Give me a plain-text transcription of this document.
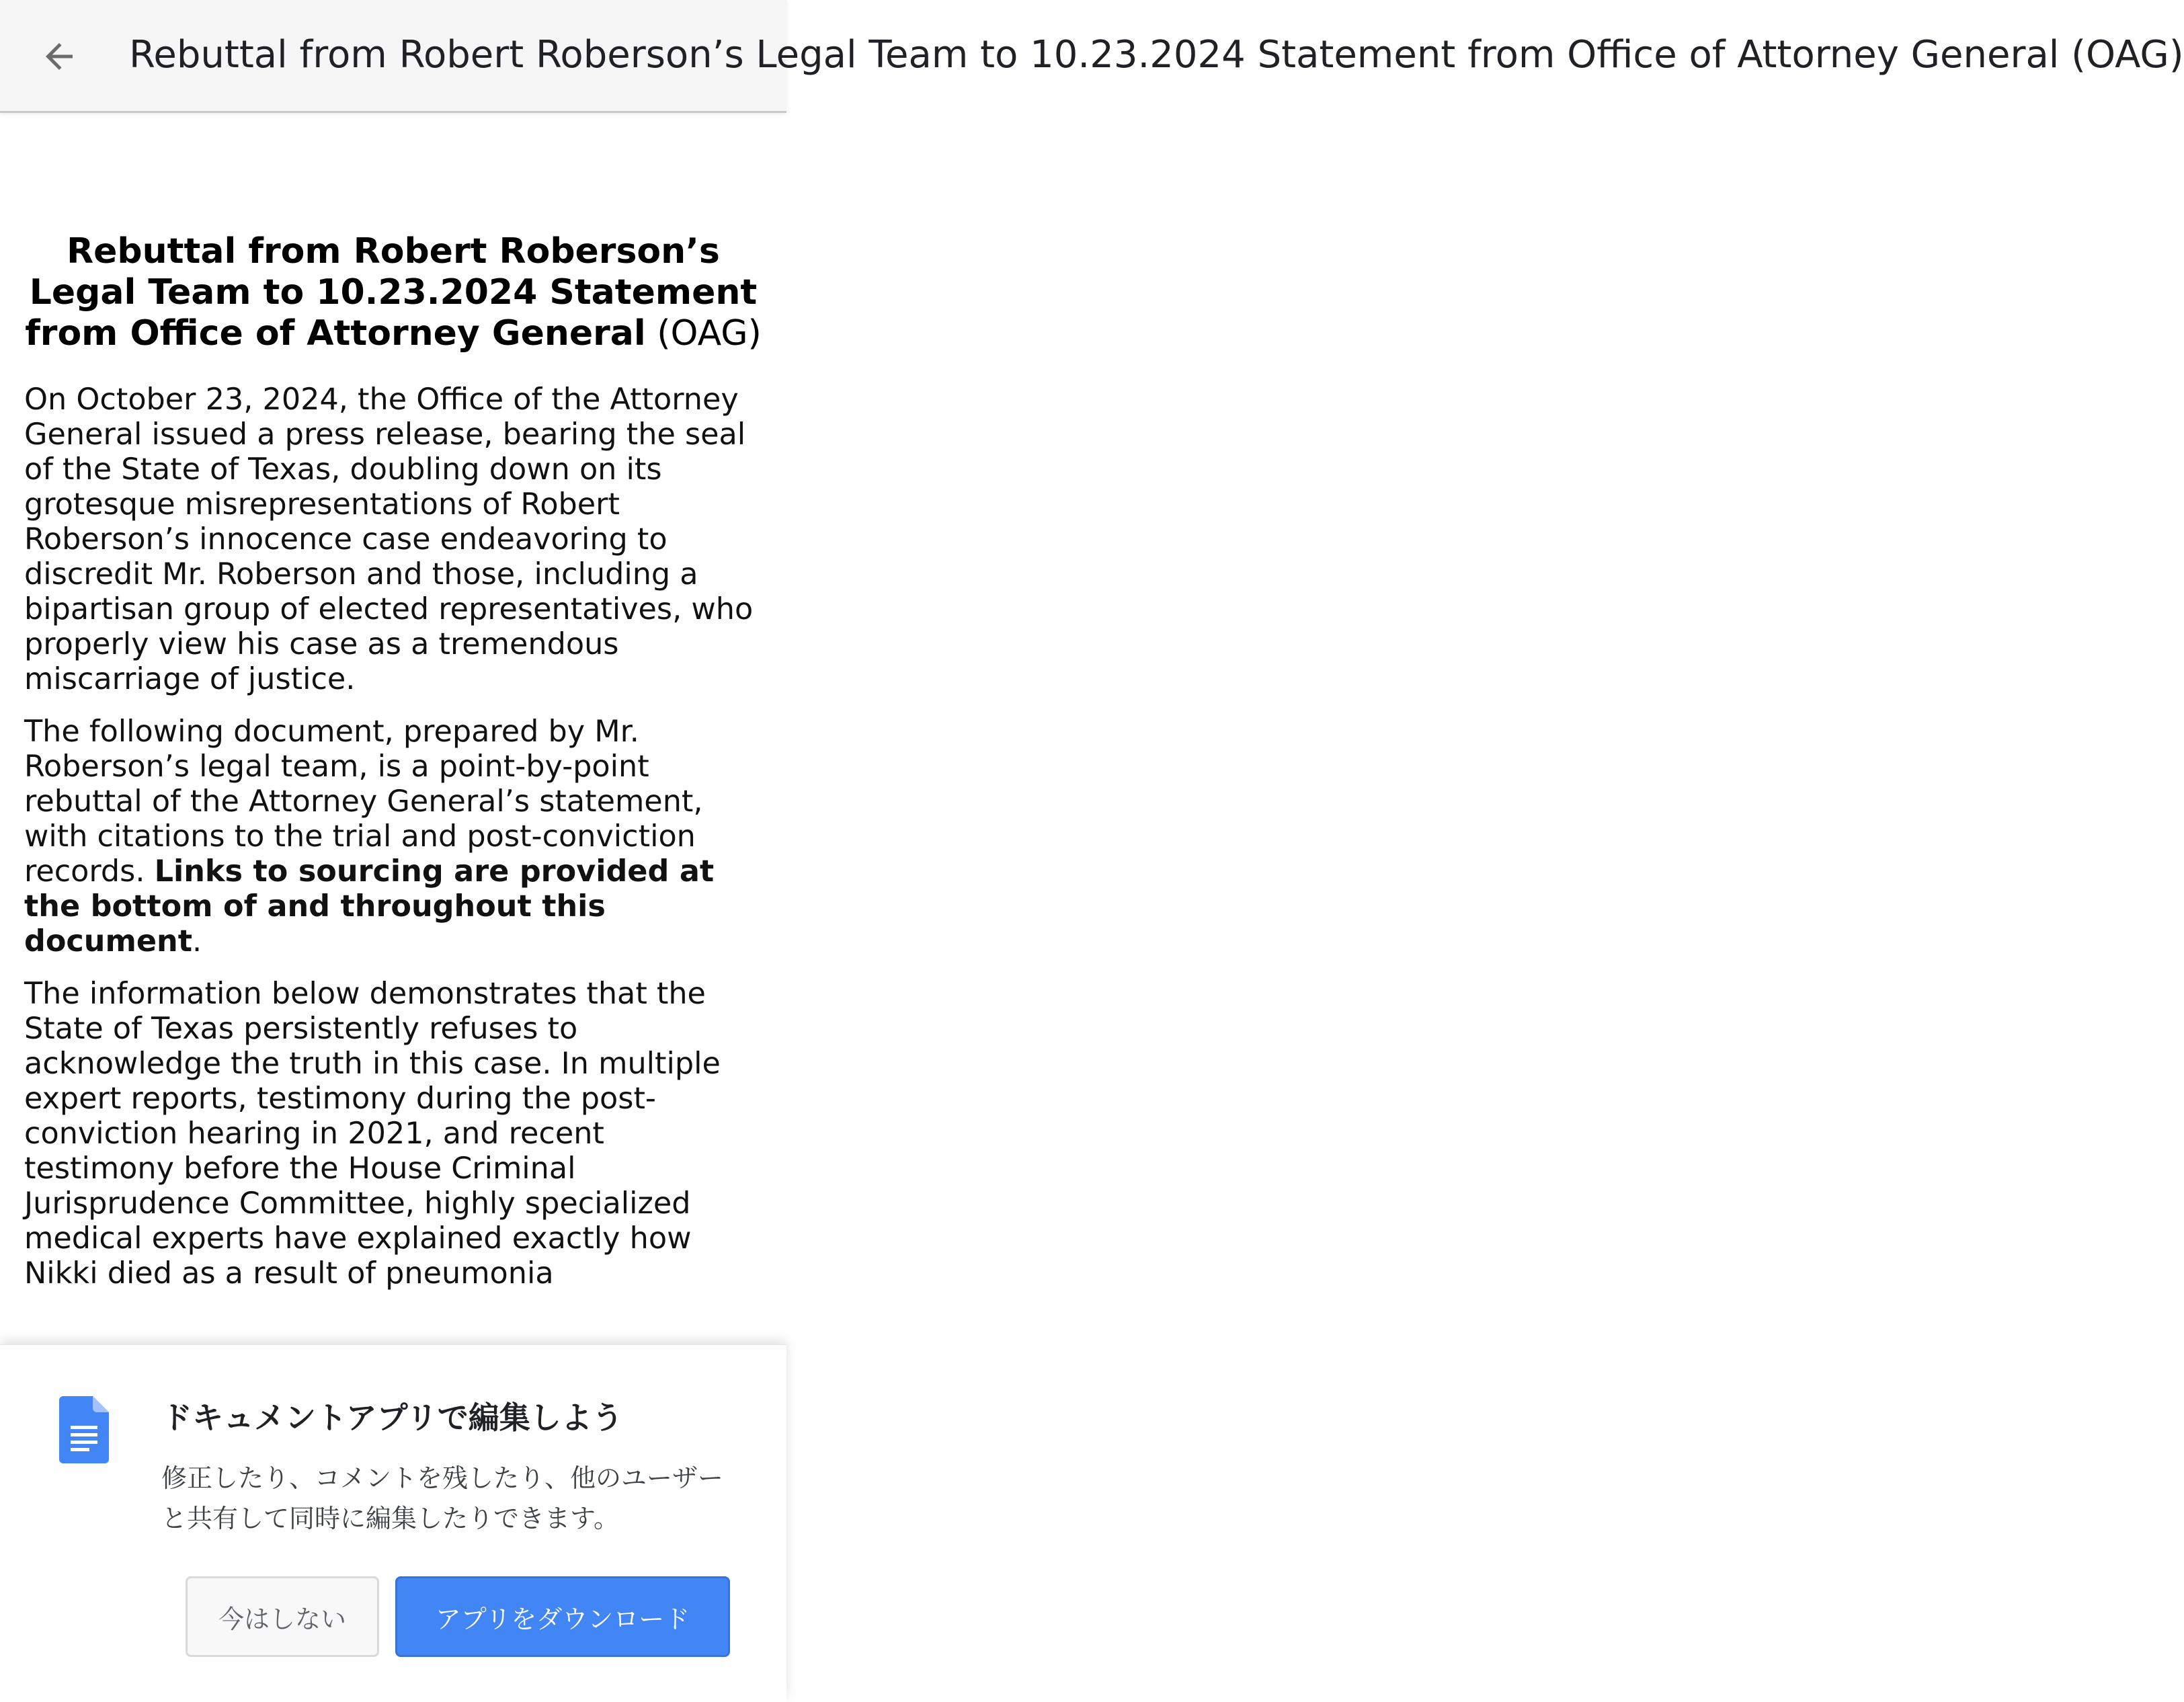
Rebuttal from Robert Roberson’s Legal Team to 10.23.2024 Statement from Office of Attorney General (OAG)
Rebuttal from Robert Roberson’s Legal Team to 10.23.2024 Statement from Office of Attorney General (OAG)

On October 23, 2024, the Office of the Attorney General issued a press release, bearing the seal of the State of Texas, doubling down on its grotesque misrepresentations of Robert Roberson’s innocence case endeavoring to discredit Mr. Roberson and those, including a bipartisan group of elected representatives, who properly view his case as a tremendous miscarriage of justice.

The following document, prepared by Mr. Roberson’s legal team, is a point-by-point rebuttal of the Attorney General’s statement, with citations to the trial and post-conviction records. Links to sourcing are provided at the bottom of and throughout this document.

The information below demonstrates that the State of Texas persistently refuses to acknowledge the truth in this case. In multiple expert reports, testimony during the post-conviction hearing in 2021, and recent testimony before the House Criminal Jurisprudence Committee, highly specialized medical experts have explained exactly how Nikki died as a result of pneumonia

ドキュメントアプリで編集しよう
修正したり、コメントを残したり、他のユーザーと共有して同時に編集したりできます。
今はしない	アプリをダウンロード
